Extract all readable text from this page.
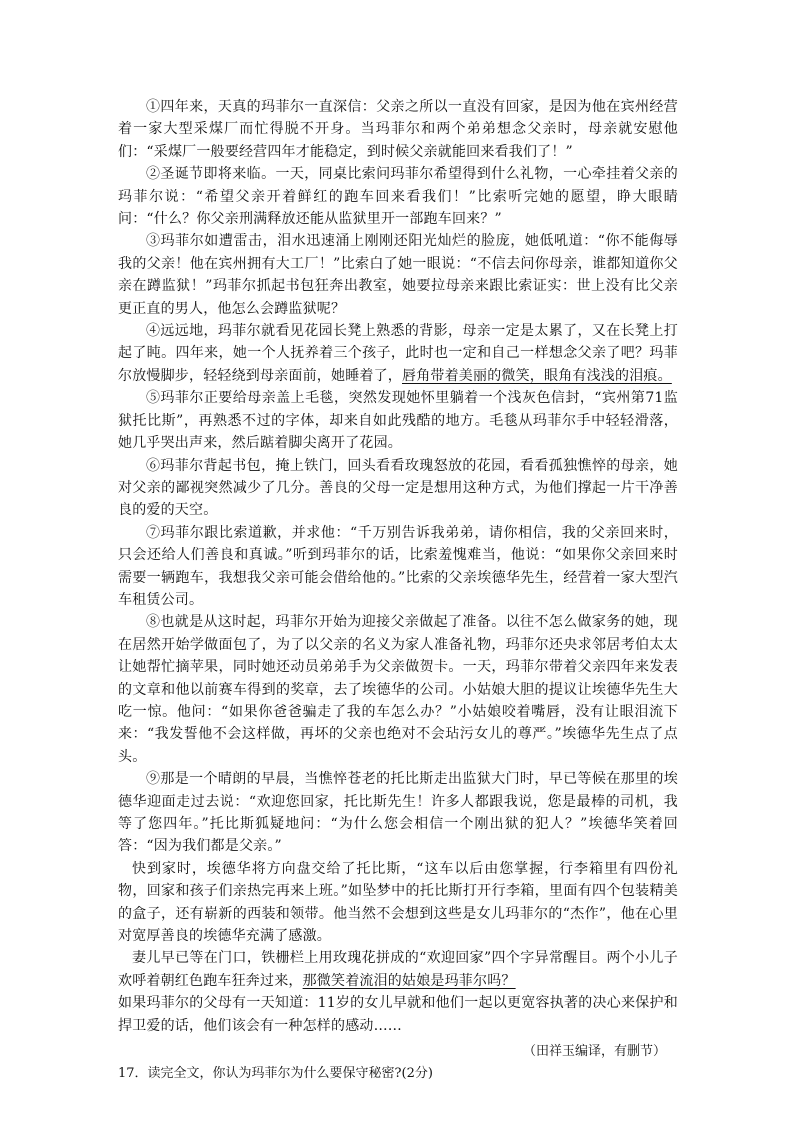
①四年来，天真的玛菲尔一直深信：父亲之所以一直没有回家，是因为他在宾州经营着一家大型采煤厂而忙得脱不开身。当玛菲尔和两个弟弟想念父亲时，母亲就安慰他们：“采煤厂一般要经营四年才能稳定，到时候父亲就能回来看我们了！”

②圣诞节即将来临。一天，同桌比索问玛菲尔希望得到什么礼物，一心牵挂着父亲的玛菲尔说：“希望父亲开着鲜红的跑车回来看我们！”比索听完她的愿望，睁大眼睛问：“什么？你父亲刑满释放还能从监狱里开一部跑车回来？”

③玛菲尔如遭雷击，泪水迅速涌上刚刚还阳光灿烂的脸庞，她低吼道：“你不能侮辱我的父亲！他在宾州拥有大工厂！”比索白了她一眼说：“不信去问你母亲，谁都知道你父亲在蹲监狱！”玛菲尔抓起书包狂奔出教室，她要拉母亲来跟比索证实：世上没有比父亲更正直的男人，他怎么会蹲监狱呢？

④远远地，玛菲尔就看见花园长凳上熟悉的背影，母亲一定是太累了，又在长凳上打起了盹。四年来，她一个人抚养着三个孩子，此时也一定和自己一样想念父亲了吧？玛菲尔放慢脚步，轻轻绕到母亲面前，她睡着了，唇角带着美丽的微笑，眼角有浅浅的泪痕。

⑤玛菲尔正要给母亲盖上毛毯，突然发现她怀里躺着一个浅灰色信封，“宾州第71监狱托比斯”，再熟悉不过的字体，却来自如此残酷的地方。毛毯从玛菲尔手中轻轻滑落，她几乎哭出声来，然后踮着脚尖离开了花园。

⑥玛菲尔背起书包，掩上铁门，回头看看玫瑰怒放的花园，看看孤独憔悴的母亲，她对父亲的鄙视突然减少了几分。善良的父母一定是想用这种方式，为他们撑起一片干净善良的爱的天空。

⑦玛菲尔跟比索道歉，并求他：“千万别告诉我弟弟，请你相信，我的父亲回来时，只会还给人们善良和真诚。”听到玛菲尔的话，比索羞愧难当，他说：“如果你父亲回来时需要一辆跑车，我想我父亲可能会借给他的。”比索的父亲埃德华先生，经营着一家大型汽车租赁公司。

⑧也就是从这时起，玛菲尔开始为迎接父亲做起了准备。以往不怎么做家务的她，现在居然开始学做面包了，为了以父亲的名义为家人准备礼物，玛菲尔还央求邻居考伯太太让她帮忙摘苹果，同时她还动员弟弟手为父亲做贺卡。一天，玛菲尔带着父亲四年来发表的文章和他以前赛车得到的奖章，去了埃德华的公司。小姑娘大胆的提议让埃德华先生大吃一惊。他问：“如果你爸爸骗走了我的车怎么办？”小姑娘咬着嘴唇，没有让眼泪流下来：“我发誓他不会这样做，再坏的父亲也绝对不会玷污女儿的尊严。”埃德华先生点了点头。

⑨那是一个晴朗的早晨，当憔悴苍老的托比斯走出监狱大门时，早已等候在那里的埃德华迎面走过去说：“欢迎您回家，托比斯先生！许多人都跟我说，您是最棒的司机，我等了您四年。”托比斯狐疑地问：“为什么您会相信一个刚出狱的犯人？”埃德华笑着回答：“因为我们都是父亲。”

快到家时，埃德华将方向盘交给了托比斯，“这车以后由您掌握，行李箱里有四份礼物，回家和孩子们亲热完再来上班。”如坠梦中的托比斯打开行李箱，里面有四个包装精美的盒子，还有崭新的西装和领带。他当然不会想到这些是女儿玛菲尔的“杰作”，他在心里对宽厚善良的埃德华充满了感激。

妻儿早已等在门口，铁栅栏上用玫瑰花拼成的“欢迎回家”四个字异常醒目。两个小儿子欢呼着朝红色跑车狂奔过来，那微笑着流泪的姑娘是玛菲尔吗？

如果玛菲尔的父母有一天知道：11岁的女儿早就和他们一起以更宽容执著的决心来保护和捍卫爱的话，他们该会有一种怎样的感动……

（田祥玉编译，有删节）
17．读完全文，你认为玛菲尔为什么要保守秘密?(2分)
